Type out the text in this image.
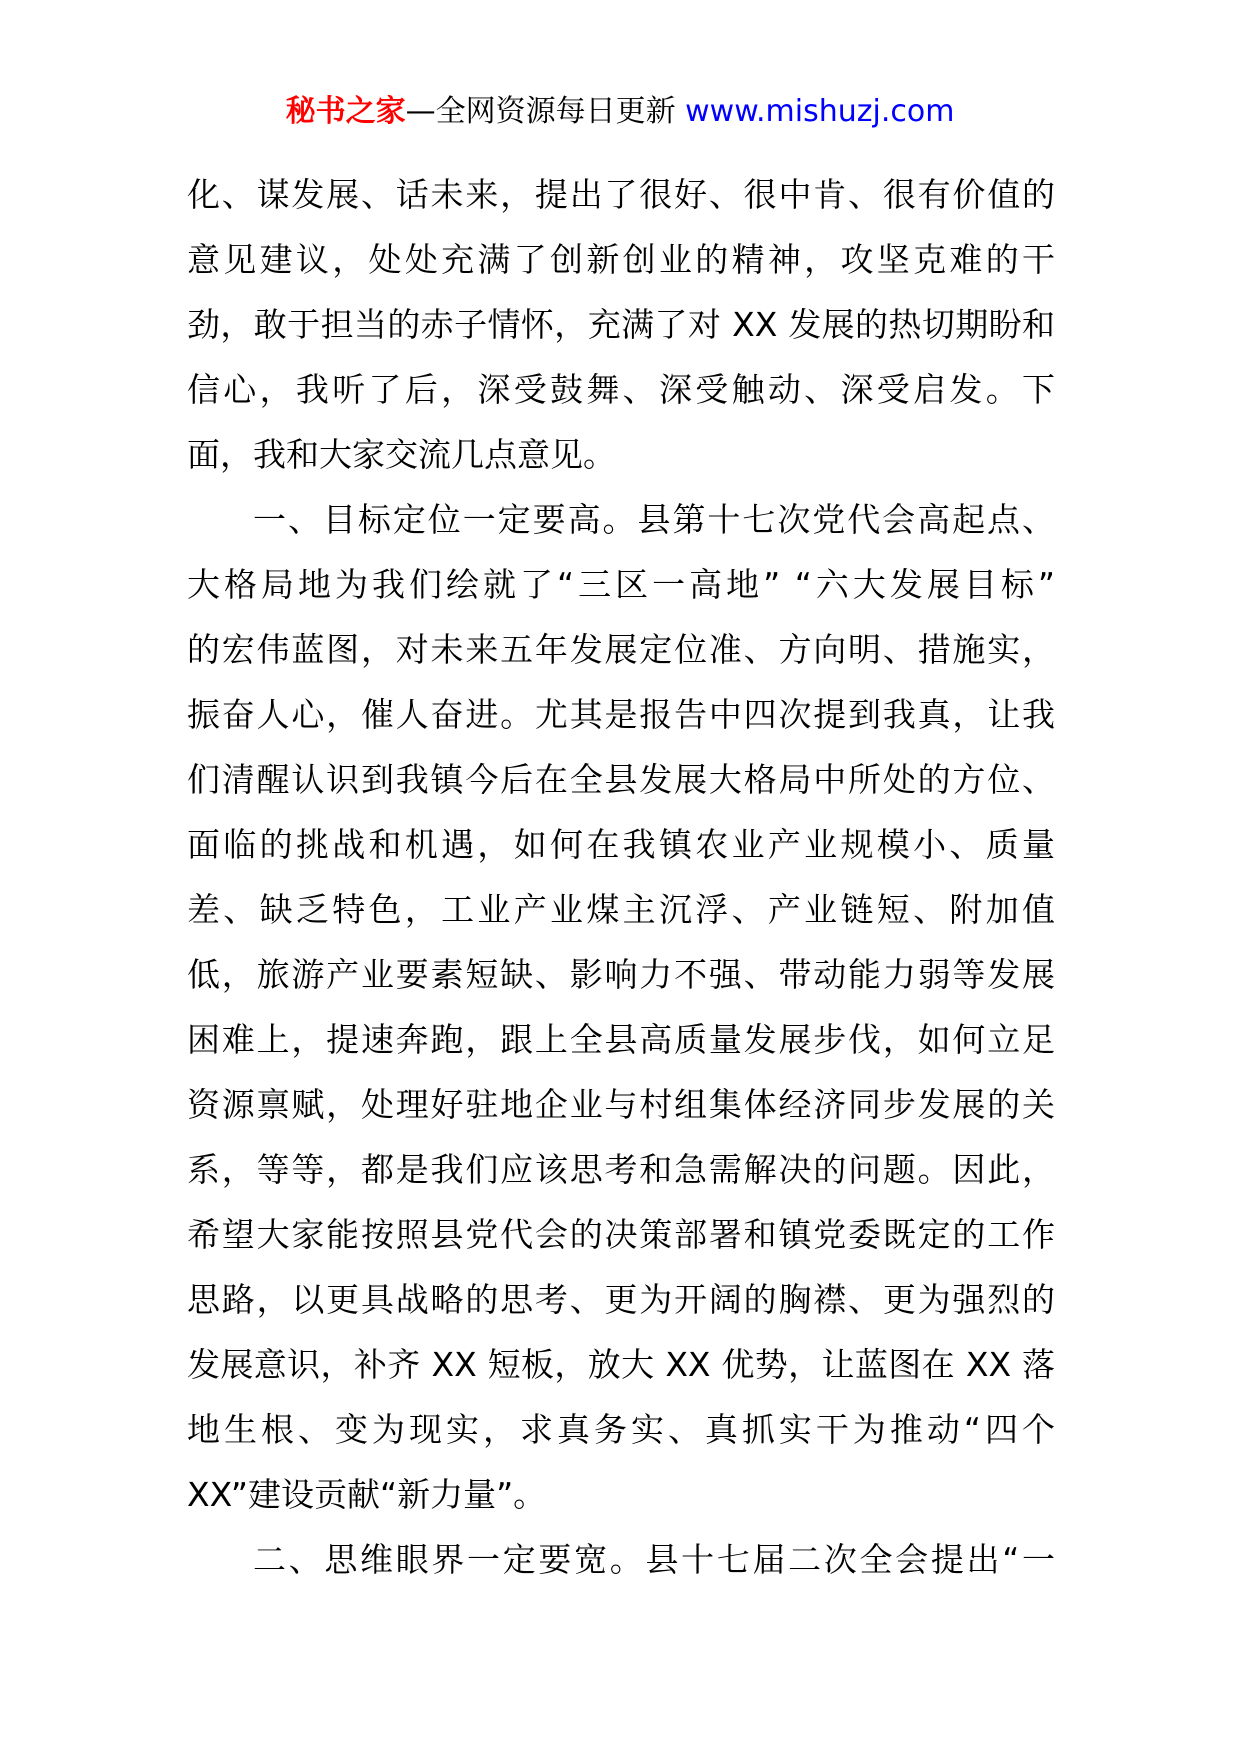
秘书之家—全网资源每日更新 www.mishuzj.com
化、谋发展、话未来，提出了很好、很中肯、很有价值的
意见建议，处处充满了创新创业的精神，攻坚克难的干
劲，敢于担当的赤子情怀，充满了对 XX 发展的热切期盼和
信心，我听了后，深受鼓舞、深受触动、深受启发。下
面，我和大家交流几点意见。
一、目标定位一定要高。县第十七次党代会高起点、
大格局地为我们绘就了“三区一高地” “六大发展目标”
的宏伟蓝图，对未来五年发展定位准、方向明、措施实，
振奋人心，催人奋进。尤其是报告中四次提到我真，让我
们清醒认识到我镇今后在全县发展大格局中所处的方位、
面临的挑战和机遇，如何在我镇农业产业规模小、质量
差、缺乏特色，工业产业煤主沉浮、产业链短、附加值
低，旅游产业要素短缺、影响力不强、带动能力弱等发展
困难上，提速奔跑，跟上全县高质量发展步伐，如何立足
资源禀赋，处理好驻地企业与村组集体经济同步发展的关
系，等等，都是我们应该思考和急需解决的问题。因此，
希望大家能按照县党代会的决策部署和镇党委既定的工作
思路，以更具战略的思考、更为开阔的胸襟、更为强烈的
发展意识，补齐 XX 短板，放大 XX 优势，让蓝图在 XX 落
地生根、变为现实，求真务实、真抓实干为推动“四个
XX”建设贡献“新力量”。
二、思维眼界一定要宽。县十七届二次全会提出“一
